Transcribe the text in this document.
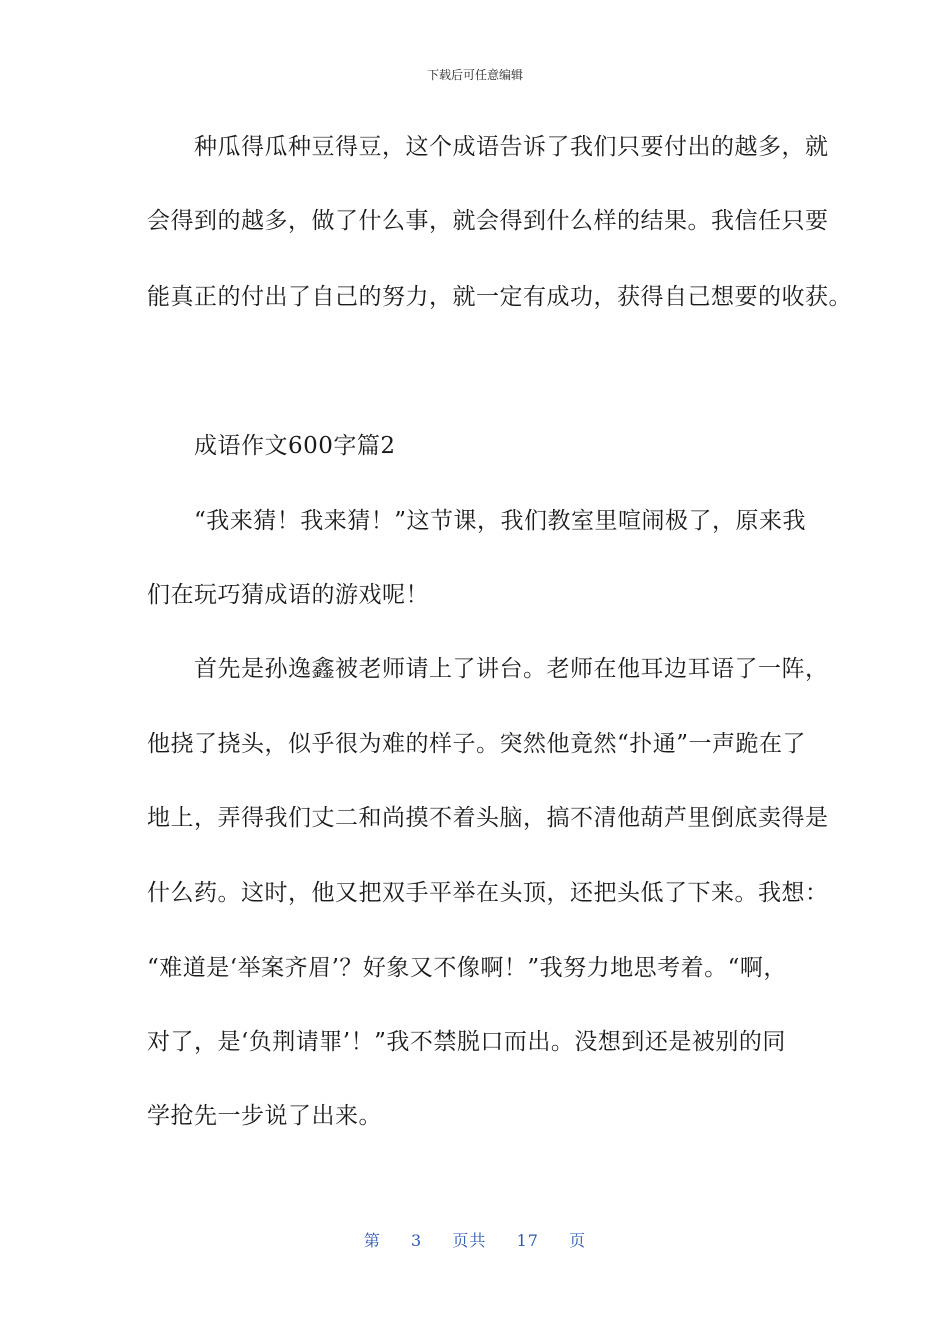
下载后可任意编辑
　　种瓜得瓜种豆得豆，这个成语告诉了我们只要付出的越多，就
会得到的越多，做了什么事，就会得到什么样的结果。我信任只要
能真正的付出了自己的努力，就一定有成功，获得自己想要的收获。
　　成语作文600字篇2
　　“我来猜！我来猜！”这节课，我们教室里喧闹极了，原来我
们在玩巧猜成语的游戏呢！
　　首先是孙逸鑫被老师请上了讲台。老师在他耳边耳语了一阵，
他挠了挠头，似乎很为难的样子。突然他竟然“扑通”一声跪在了
地上，弄得我们丈二和尚摸不着头脑，搞不清他葫芦里倒底卖得是
什么药。这时，他又把双手平举在头顶，还把头低了下来。我想：
“难道是‘举案齐眉’？好象又不像啊！”我努力地思考着。“啊，
对了，是‘负荆请罪’！”我不禁脱口而出。没想到还是被别的同
学抢先一步说了出来。
第 3 页共 17 页
